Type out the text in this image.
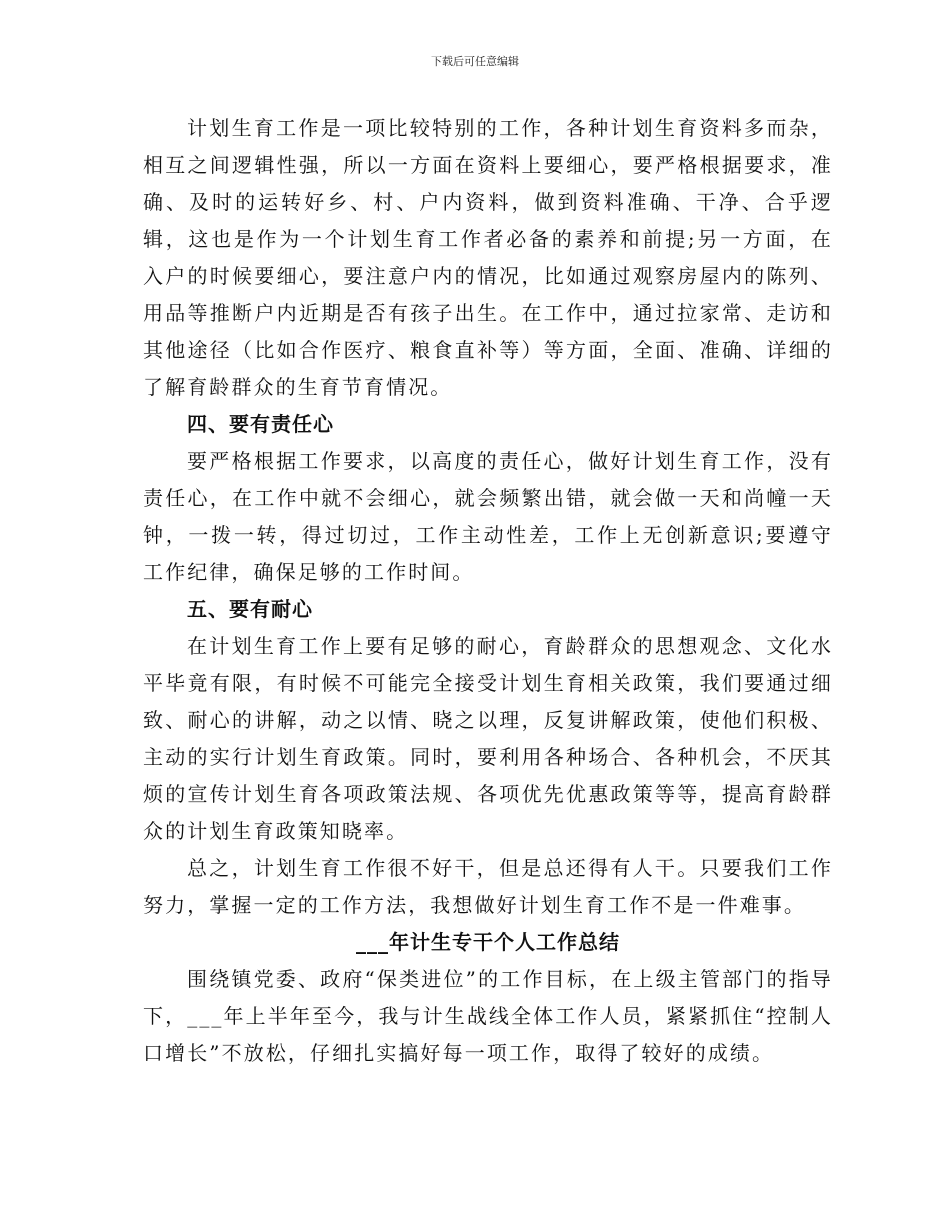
下载后可任意编辑

计划生育工作是一项比较特别的工作，各种计划生育资料多而杂，相互之间逻辑性强，所以一方面在资料上要细心，要严格根据要求，准确、及时的运转好乡、村、户内资料，做到资料准确、干净、合乎逻辑，这也是作为一个计划生育工作者必备的素养和前提;另一方面，在入户的时候要细心，要注意户内的情况，比如通过观察房屋内的陈列、用品等推断户内近期是否有孩子出生。在工作中，通过拉家常、走访和其他途径（比如合作医疗、粮食直补等）等方面，全面、准确、详细的了解育龄群众的生育节育情况。

四、要有责任心

要严格根据工作要求，以高度的责任心，做好计划生育工作，没有责任心，在工作中就不会细心，就会频繁出错，就会做一天和尚幢一天钟，一拨一转，得过切过，工作主动性差，工作上无创新意识;要遵守工作纪律，确保足够的工作时间。

五、要有耐心

在计划生育工作上要有足够的耐心，育龄群众的思想观念、文化水平毕竟有限，有时候不可能完全接受计划生育相关政策，我们要通过细致、耐心的讲解，动之以情、晓之以理，反复讲解政策，使他们积极、主动的实行计划生育政策。同时，要利用各种场合、各种机会，不厌其烦的宣传计划生育各项政策法规、各项优先优惠政策等等，提高育龄群众的计划生育政策知晓率。

总之，计划生育工作很不好干，但是总还得有人干。只要我们工作努力，掌握一定的工作方法，我想做好计划生育工作不是一件难事。

___年计生专干个人工作总结

围绕镇党委、政府“保类进位”的工作目标，在上级主管部门的指导下，___年上半年至今，我与计生战线全体工作人员，紧紧抓住“控制人口增长”不放松，仔细扎实搞好每一项工作，取得了较好的成绩。
